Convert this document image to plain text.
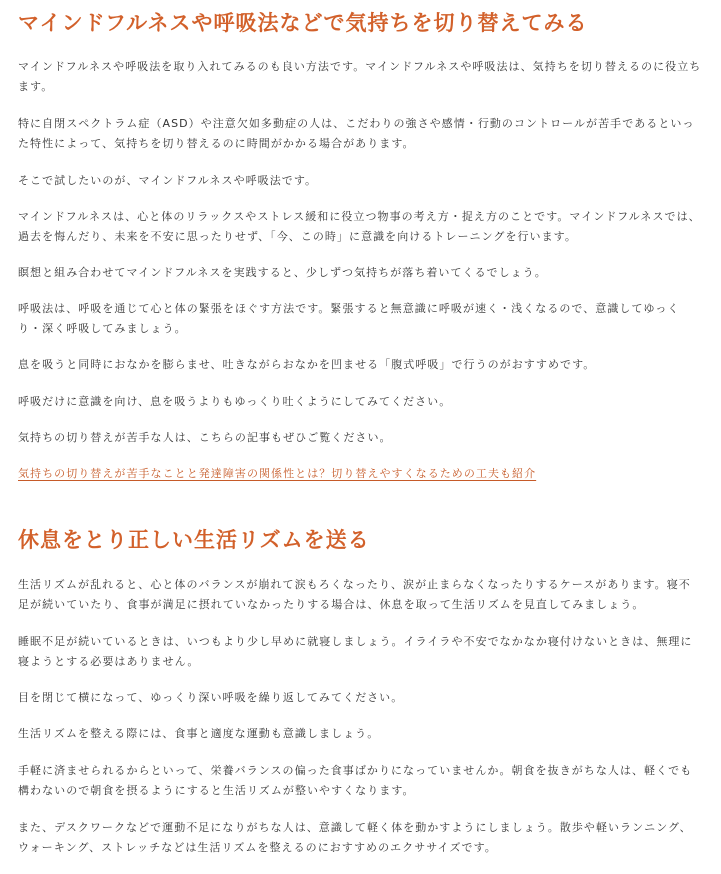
マインドフルネスや呼吸法などで気持ちを切り替えてみる

マインドフルネスや呼吸法を取り入れてみるのも良い方法です。マインドフルネスや呼吸法は、気持ちを切り替えるのに役立ちます。

特に自閉スペクトラム症（ASD）や注意欠如多動症の人は、こだわりの強さや感情・行動のコントロールが苦手であるといった特性によって、気持ちを切り替えるのに時間がかかる場合があります。

そこで試したいのが、マインドフルネスや呼吸法です。

マインドフルネスは、心と体のリラックスやストレス緩和に役立つ物事の考え方・捉え方のことです。マインドフルネスでは、過去を悔んだり、未来を不安に思ったりせず、「今、この時」に意識を向けるトレーニングを行います。

瞑想と組み合わせてマインドフルネスを実践すると、少しずつ気持ちが落ち着いてくるでしょう。

呼吸法は、呼吸を通じて心と体の緊張をほぐす方法です。緊張すると無意識に呼吸が速く・浅くなるので、意識してゆっくり・深く呼吸してみましょう。

息を吸うと同時におなかを膨らませ、吐きながらおなかを凹ませる「腹式呼吸」で行うのがおすすめです。

呼吸だけに意識を向け、息を吸うよりもゆっくり吐くようにしてみてください。

気持ちの切り替えが苦手な人は、こちらの記事もぜひご覧ください。

気持ちの切り替えが苦手なことと発達障害の関係性とは？切り替えやすくなるための工夫も紹介

休息をとり正しい生活リズムを送る

生活リズムが乱れると、心と体のバランスが崩れて涙もろくなったり、涙が止まらなくなったりするケースがあります。寝不足が続いていたり、食事が満足に摂れていなかったりする場合は、休息を取って生活リズムを見直してみましょう。

睡眠不足が続いているときは、いつもより少し早めに就寝しましょう。イライラや不安でなかなか寝付けないときは、無理に寝ようとする必要はありません。

目を閉じて横になって、ゆっくり深い呼吸を繰り返してみてください。

生活リズムを整える際には、食事と適度な運動も意識しましょう。

手軽に済ませられるからといって、栄養バランスの偏った食事ばかりになっていませんか。朝食を抜きがちな人は、軽くでも構わないので朝食を摂るようにすると生活リズムが整いやすくなります。

また、デスクワークなどで運動不足になりがちな人は、意識して軽く体を動かすようにしましょう。散歩や軽いランニング、ウォーキング、ストレッチなどは生活リズムを整えるのにおすすめのエクササイズです。
